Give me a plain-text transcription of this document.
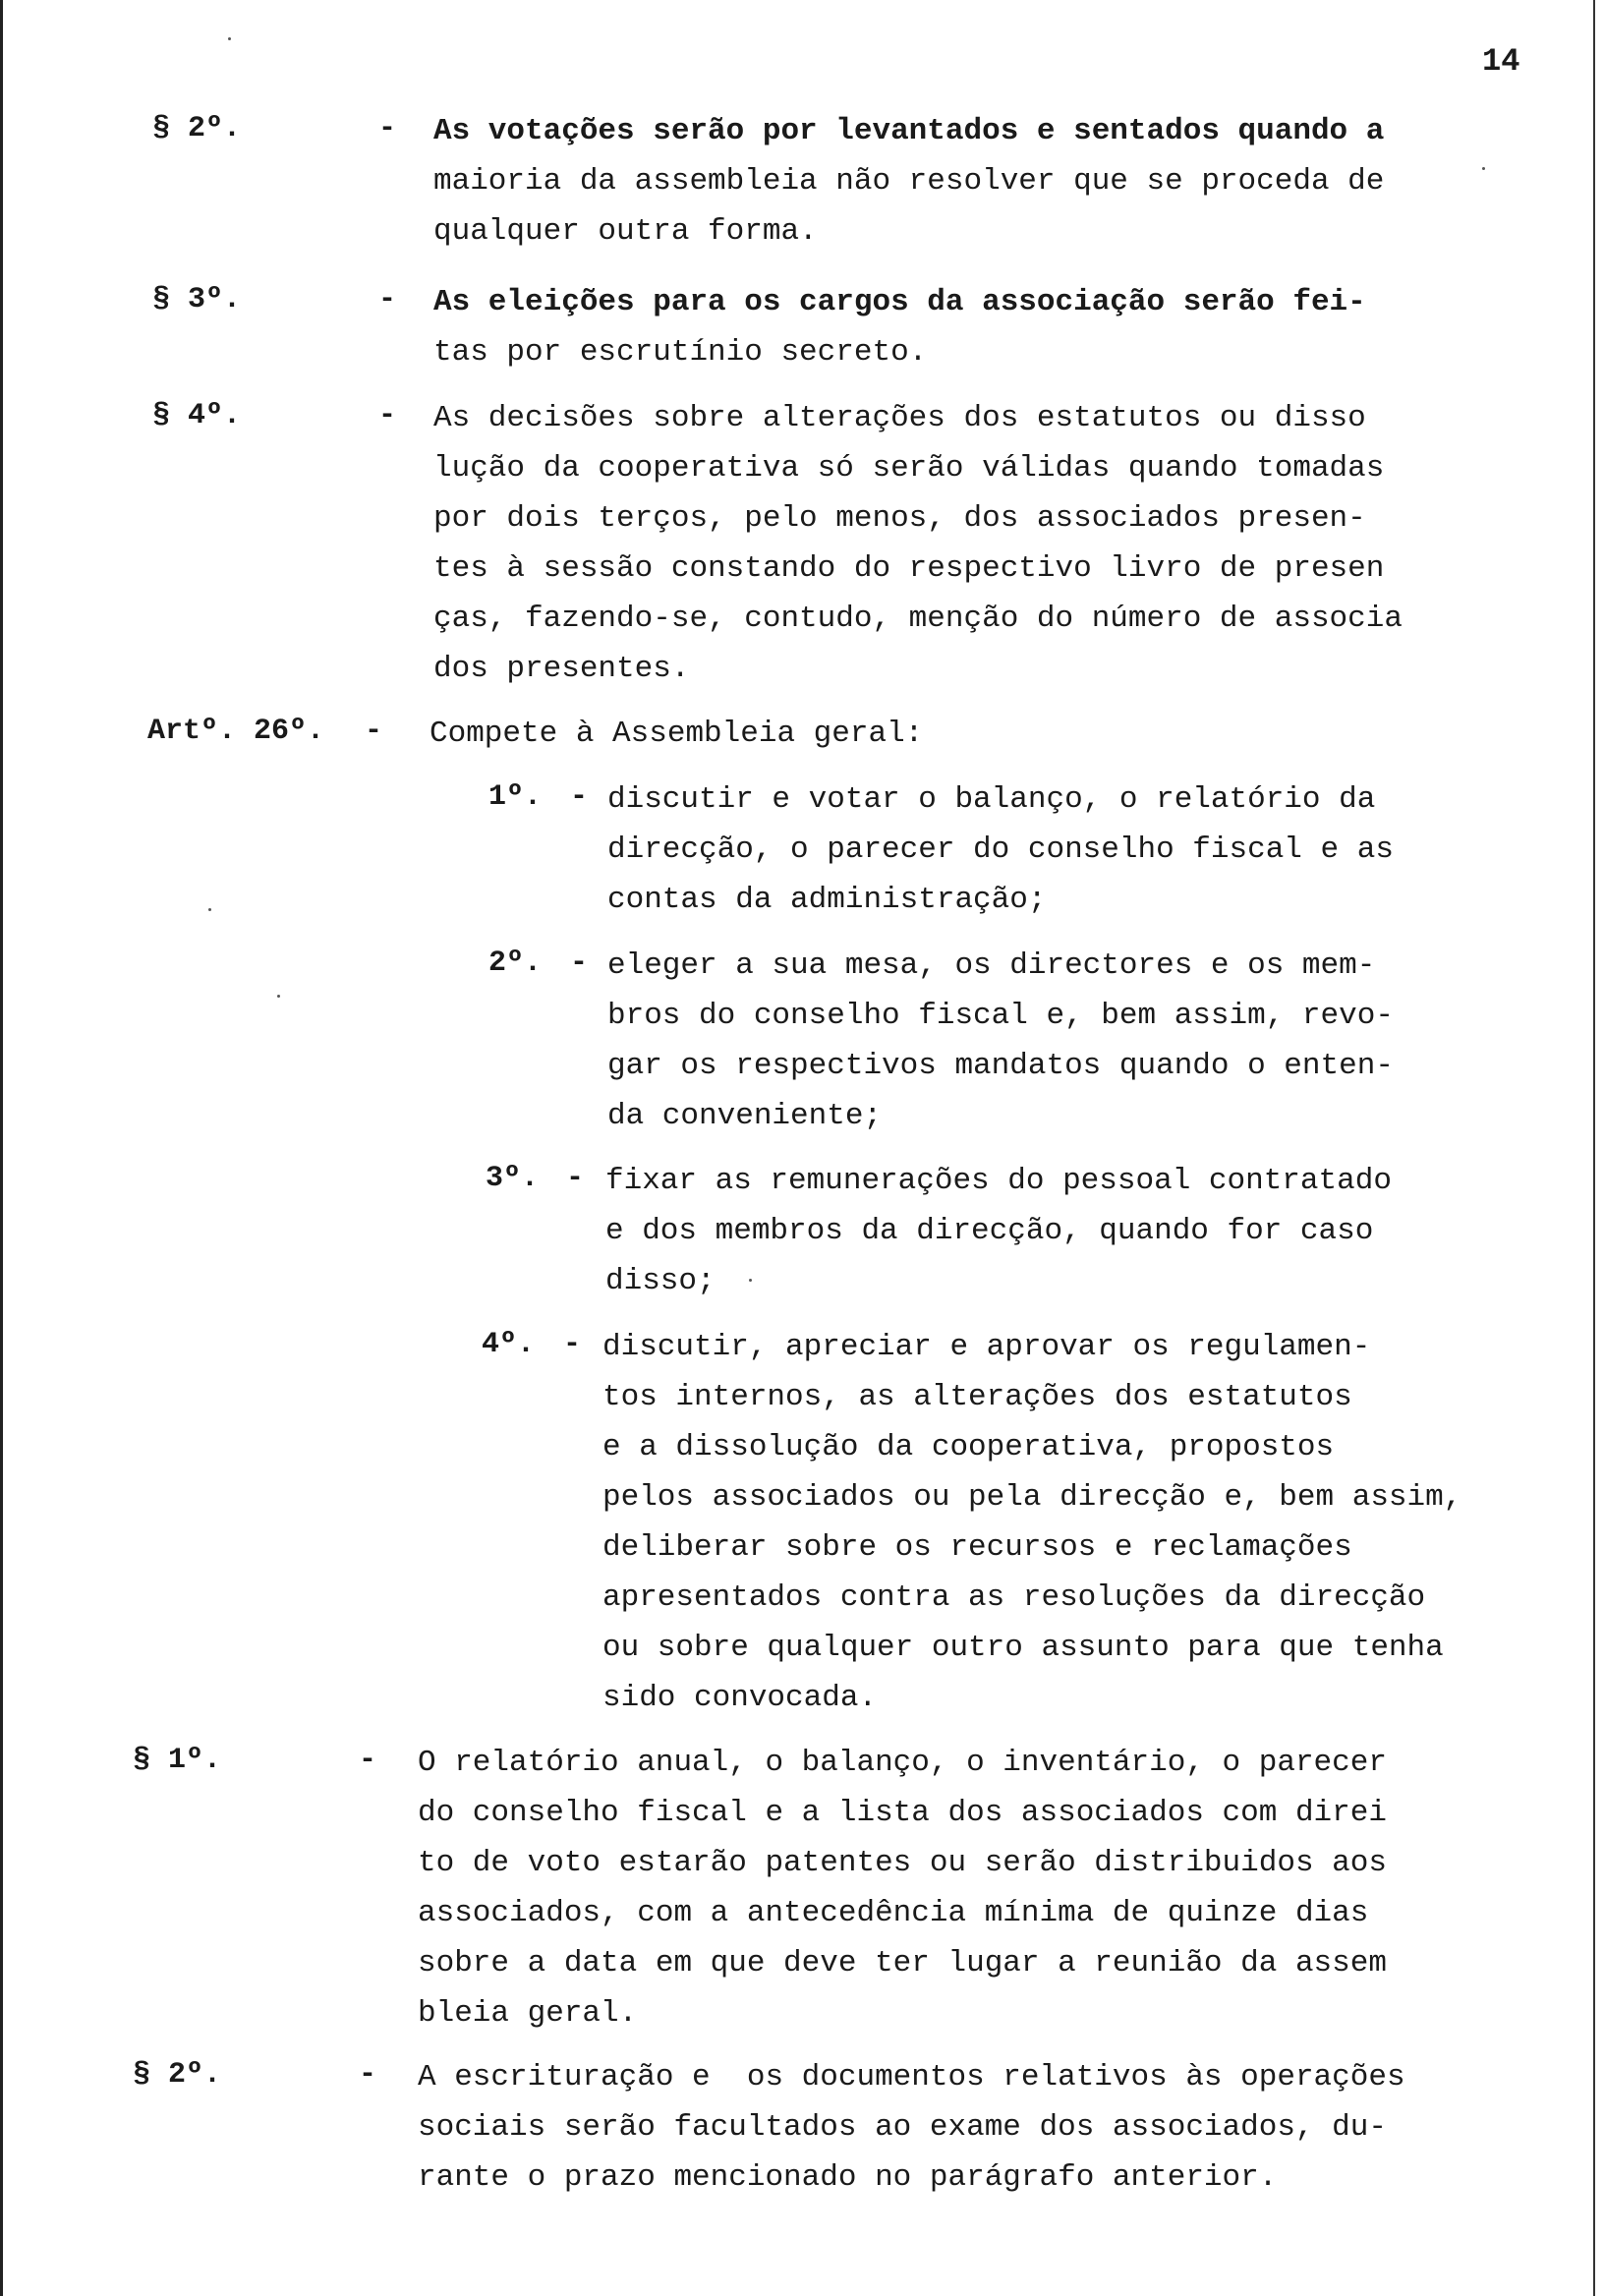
14
§ 2º.	- As votações serão por levantados e sentados quando a
maioria da assembleia não resolver que se proceda de
qualquer outra forma.
§ 3º.	- As eleições para os cargos da associação serão fei-
tas por escrutínio secreto.
§ 4º.	- As decisões sobre alterações dos estatutos ou disso
lução da cooperativa só serão válidas quando tomadas
por dois terços, pelo menos, dos associados presen-
tes à sessão constando do respectivo livro de presen
ças, fazendo-se, contudo, menção do número de associa
dos presentes.
Artº. 26º. - Compete à Assembleia geral:
1º. - discutir e votar o balanço, o relatório da
direcção, o parecer do conselho fiscal e as
contas da administração;
2º. - eleger a sua mesa, os directores e os mem-
bros do conselho fiscal e, bem assim, revo-
gar os respectivos mandatos quando o enten-
da conveniente;
3º. - fixar as remunerações do pessoal contratado
e dos membros da direcção, quando for caso
disso;
4º. - discutir, apreciar e aprovar os regulamen-
tos internos, as alterações dos estatutos
e a dissolução da cooperativa, propostos
pelos associados ou pela direcção e, bem assim,
deliberar sobre os recursos e reclamações
apresentados contra as resoluções da direcção
ou sobre qualquer outro assunto para que tenha
sido convocada.
§ 1º.	- O relatório anual, o balanço, o inventário, o parecer
do conselho fiscal e a lista dos associados com direi
to de voto estarão patentes ou serão distribuidos aos
associados, com a antecedência mínima de quinze dias
sobre a data em que deve ter lugar a reunião da assem
bleia geral.
§ 2º.	- A escrituração e  os documentos relativos às operações
sociais serão facultados ao exame dos associados, du-
rante o prazo mencionado no parágrafo anterior.
